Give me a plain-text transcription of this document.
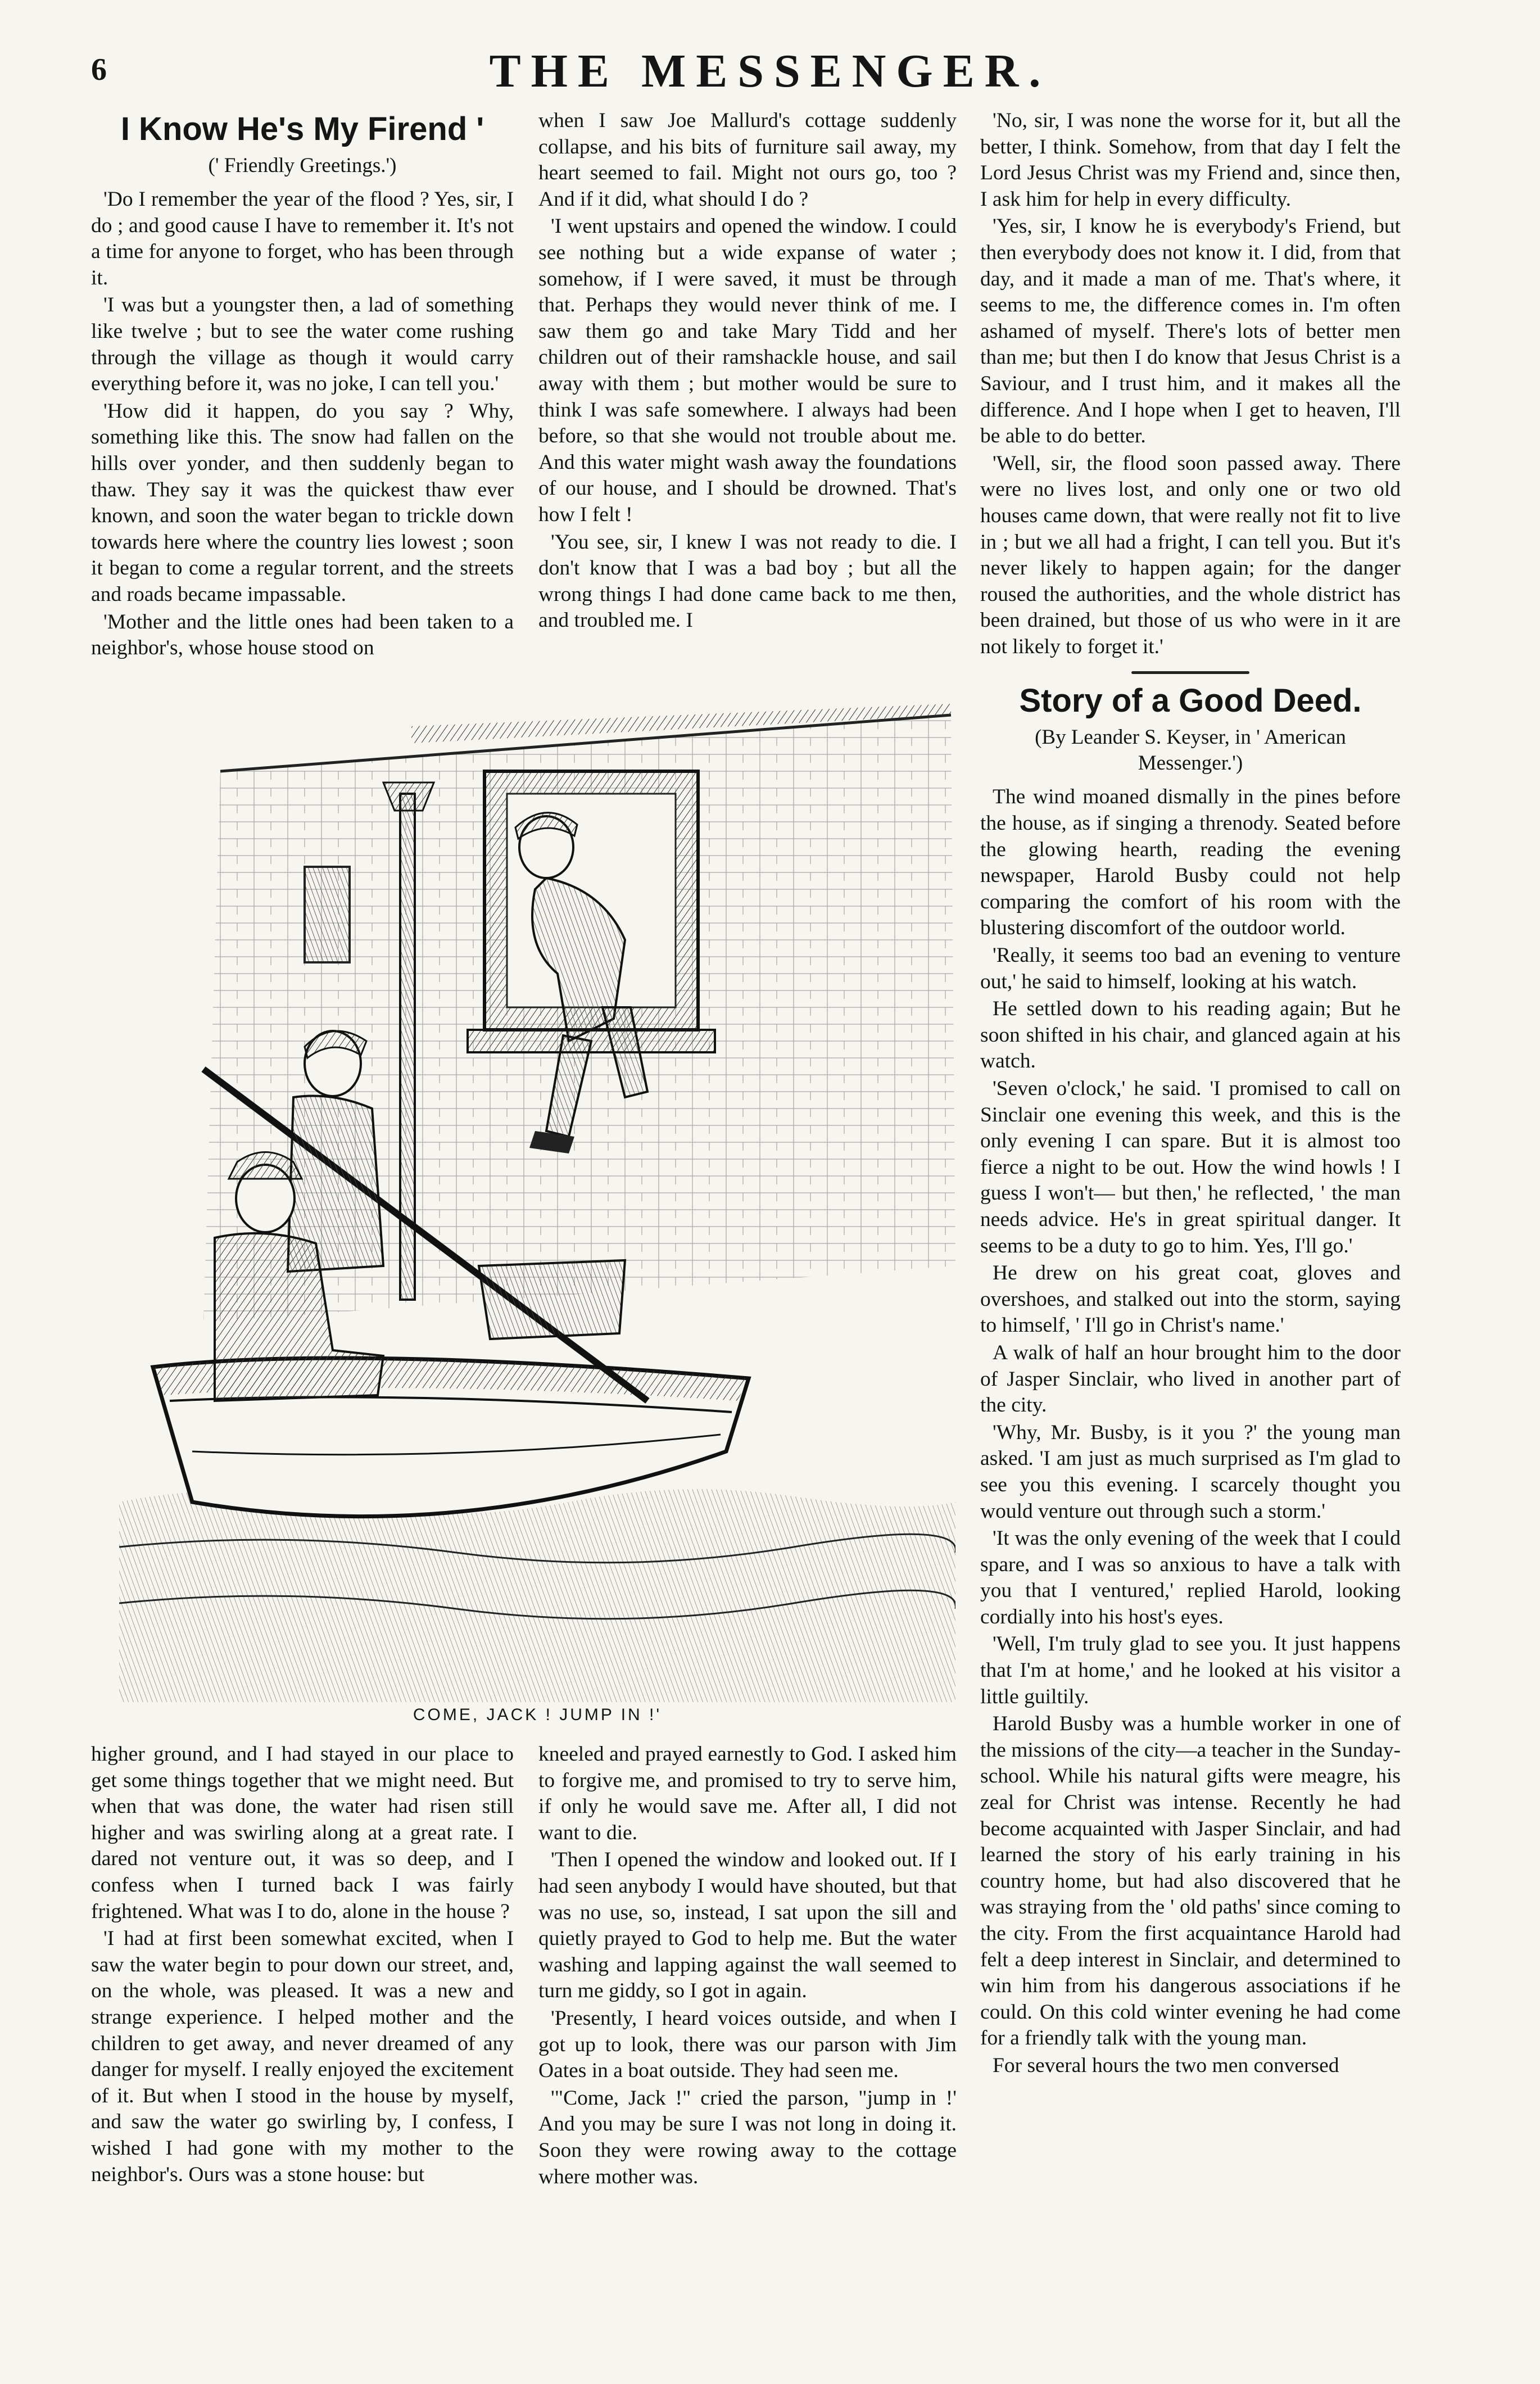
6	THE MESSENGER.
I Know He's My Firend '
(' Friendly Greetings.')

'Do I remember the year of the flood ? Yes, sir, I do ; and good cause I have to remember it. It's not a time for anyone to forget, who has been through it.

'I was but a youngster then, a lad of something like twelve ; but to see the water come rushing through the village as though it would carry everything before it, was no joke, I can tell you.'

'How did it happen, do you say ? Why, something like this. The snow had fallen on the hills over yonder, and then suddenly began to thaw. They say it was the quickest thaw ever known, and soon the water began to trickle down towards here where the country lies lowest ; soon it began to come a regular torrent, and the streets and roads became impassable.

'Mother and the little ones had been taken to a neighbor's, whose house stood on

when I saw Joe Mallurd's cottage suddenly collapse, and his bits of furniture sail away, my heart seemed to fail. Might not ours go, too ? And if it did, what should I do ?

'I went upstairs and opened the window. I could see nothing but a wide expanse of water ; somehow, if I were saved, it must be through that. Perhaps they would never think of me. I saw them go and take Mary Tidd and her children out of their ramshackle house, and sail away with them ; but mother would be sure to think I was safe somewhere. I always had been before, so that she would not trouble about me. And this water might wash away the foundations of our house, and I should be drowned. That's how I felt !

'You see, sir, I knew I was not ready to die. I don't know that I was a bad boy ; but all the wrong things I had done came back to me then, and troubled me. I

'No, sir, I was none the worse for it, but all the better, I think. Somehow, from that day I felt the Lord Jesus Christ was my Friend and, since then, I ask him for help in every difficulty.

'Yes, sir, I know he is everybody's Friend, but then everybody does not know it. I did, from that day, and it made a man of me. That's where, it seems to me, the difference comes in. I'm often ashamed of myself. There's lots of better men than me; but then I do know that Jesus Christ is a Saviour, and I trust him, and it makes all the difference. And I hope when I get to heaven, I'll be able to do better.

'Well, sir, the flood soon passed away. There were no lives lost, and only one or two old houses came down, that were really not fit to live in ; but we all had a fright, I can tell you. But it's never likely to happen again; for the danger roused the authorities, and the whole district has been drained, but those of us who were in it are not likely to forget it.'

Story of a Good Deed.
(By Leander S. Keyser, in ' American Messenger.')

The wind moaned dismally in the pines before the house, as if singing a threnody. Seated before the glowing hearth, reading the evening newspaper, Harold Busby could not help comparing the comfort of his room with the blustering discomfort of the outdoor world.

'Really, it seems too bad an evening to venture out,' he said to himself, looking at his watch.

He settled down to his reading again; But he soon shifted in his chair, and glanced again at his watch.

'Seven o'clock,' he said. 'I promised to call on Sinclair one evening this week, and this is the only evening I can spare. But it is almost too fierce a night to be out. How the wind howls ! I guess I won't— but then,' he reflected, ' the man needs advice. He's in great spiritual danger. It seems to be a duty to go to him. Yes, I'll go.'

He drew on his great coat, gloves and overshoes, and stalked out into the storm, saying to himself, ' I'll go in Christ's name.'

A walk of half an hour brought him to the door of Jasper Sinclair, who lived in another part of the city.

'Why, Mr. Busby, is it you ?' the young man asked. 'I am just as much surprised as I'm glad to see you this evening. I scarcely thought you would venture out through such a storm.'

'It was the only evening of the week that I could spare, and I was so anxious to have a talk with you that I ventured,' replied Harold, looking cordially into his host's eyes.

'Well, I'm truly glad to see you. It just happens that I'm at home,' and he looked at his visitor a little guiltily.

Harold Busby was a humble worker in one of the missions of the city—a teacher in the Sunday-school. While his natural gifts were meagre, his zeal for Christ was intense. Recently he had become acquainted with Jasper Sinclair, and had learned the story of his early training in his country home, but had also discovered that he was straying from the ' old paths' since coming to the city. From the first acquaintance Harold had felt a deep interest in Sinclair, and determined to win him from his dangerous associations if he could. On this cold winter evening he had come for a friendly talk with the young man.

For several hours the two men conversed

COME, JACK ! JUMP IN !'

higher ground, and I had stayed in our place to get some things together that we might need. But when that was done, the water had risen still higher and was swirling along at a great rate. I dared not venture out, it was so deep, and I confess when I turned back I was fairly frightened. What was I to do, alone in the house ?

'I had at first been somewhat excited, when I saw the water begin to pour down our street, and, on the whole, was pleased. It was a new and strange experience. I helped mother and the children to get away, and never dreamed of any danger for myself. I really enjoyed the excitement of it. But when I stood in the house by myself, and saw the water go swirling by, I confess, I wished I had gone with my mother to the neighbor's. Ours was a stone house: but

kneeled and prayed earnestly to God. I asked him to forgive me, and promised to try to serve him, if only he would save me. After all, I did not want to die.

'Then I opened the window and looked out. If I had seen anybody I would have shouted, but that was no use, so, instead, I sat upon the sill and quietly prayed to God to help me. But the water washing and lapping against the wall seemed to turn me giddy, so I got in again.

'Presently, I heard voices outside, and when I got up to look, there was our parson with Jim Oates in a boat outside. They had seen me.

'"Come, Jack !" cried the parson, "jump in !' And you may be sure I was not long in doing it. Soon they were rowing away to the cottage where mother was.
